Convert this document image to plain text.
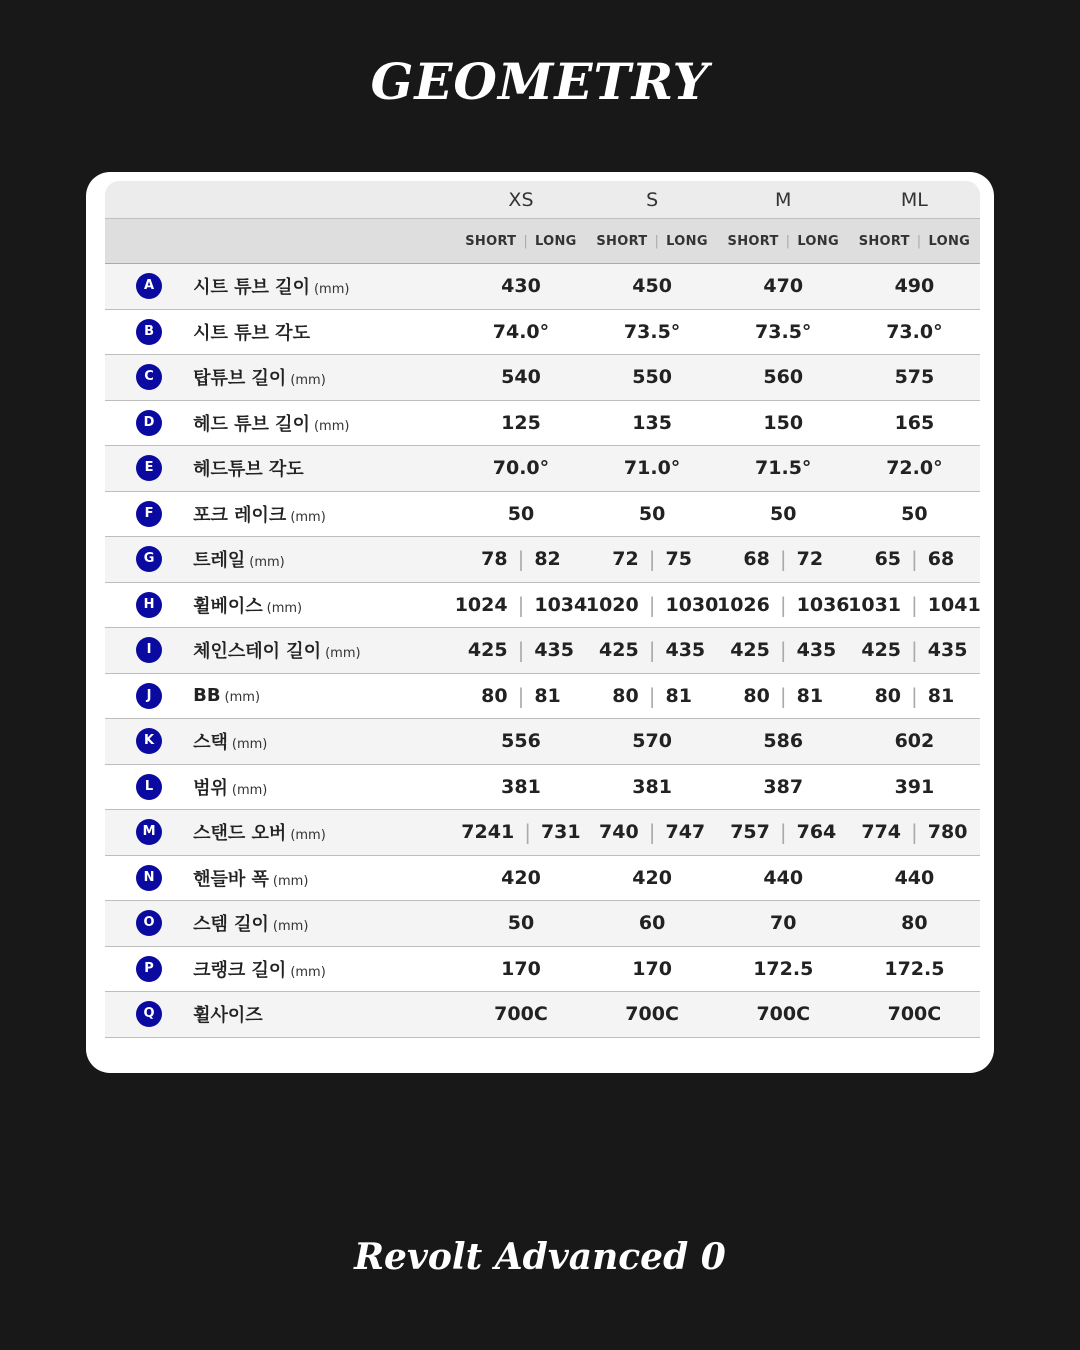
GEOMETRY
		XS	S	M	ML
		SHORT | LONG	SHORT | LONG	SHORT | LONG	SHORT | LONG
A	시트 튜브 길이 (mm)	430	450	470	490
B	시트 튜브 각도	74.0°	73.5°	73.5°	73.0°
C	탑튜브 길이 (mm)	540	550	560	575
D	헤드 튜브 길이 (mm)	125	135	150	165
E	헤드튜브 각도	70.0°	71.0°	71.5°	72.0°
F	포크 레이크 (mm)	50	50	50	50
G	트레일 (mm)	78 | 82	72 | 75	68 | 72	65 | 68

H	휠베이스 (mm)	1024 | 1034	1020 | 1030	1026 | 1036	1031 | 1041

I	체인스테이 길이 (mm)	425 | 435	425 | 435	425 | 435	425 | 435

J	BB (mm)	80 | 81	80 | 81	80 | 81	80 | 81

K	스택 (mm)	556	570	586	602
L	범위 (mm)	381	381	387	391
M	스탠드 오버 (mm)	7241 | 731	740 | 747	757 | 764	774 | 780

N	핸들바 폭 (mm)	420	420	440	440
O	스템 길이 (mm)	50	60	70	80
P	크랭크 길이 (mm)	170	170	172.5	172.5
Q	휠사이즈	700C	700C	700C	700C
Revolt Advanced 0
